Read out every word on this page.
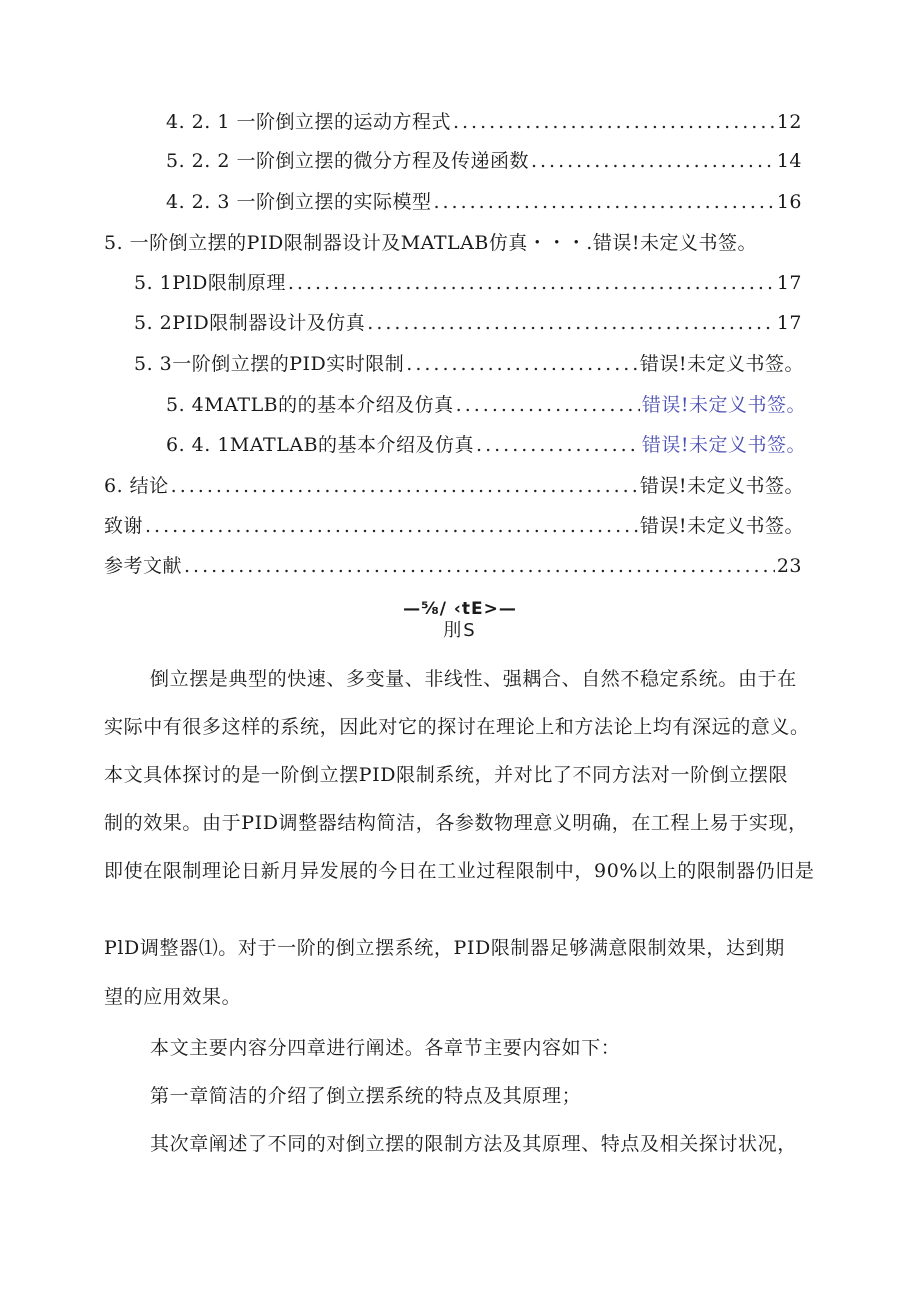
4. 2. 1 一阶倒立摆的运动方程式 .....	12
5. 2. 2 一阶倒立摆的微分方程及传递函数 .....	14
4. 2. 3 一阶倒立摆的实际模型 .....	16
5. 一阶倒立摆的PID限制器设计及MATLAB仿真・・・.错误!未定义书签。
5. 1PlD限制原理 .....	17
5. 2PID限制器设计及仿真 .....	17
5. 3一阶倒立摆的PID实时限制 .....	错误!未定义书签。
5. 4MATLB的的基本介绍及仿真 .....	错误!未定义书签。
6. 4. 1MATLAB的基本介绍及仿真 .....	错误!未定义书签。
6. 结论 .....	错误!未定义书签。
致谢 .....	错误!未定义书签。
参考文献 .....	23
—⅝∕ ‹tE>—
刖S
倒立摆是典型的快速、多变量、非线性、强耦合、自然不稳定系统。由于在
实际中有很多这样的系统，因此对它的探讨在理论上和方法论上均有深远的意义。
本文具体探讨的是一阶倒立摆PID限制系统，并对比了不同方法对一阶倒立摆限
制的效果。由于PID调整器结构简洁，各参数物理意义明确，在工程上易于实现，
即使在限制理论日新月异发展的今日在工业过程限制中，90%以上的限制器仍旧是
PlD调整器⑴。对于一阶的倒立摆系统，PID限制器足够满意限制效果，达到期
望的应用效果。
本文主要内容分四章进行阐述。各章节主要内容如下：
第一章简洁的介绍了倒立摆系统的特点及其原理；
其次章阐述了不同的对倒立摆的限制方法及其原理、特点及相关探讨状况，
